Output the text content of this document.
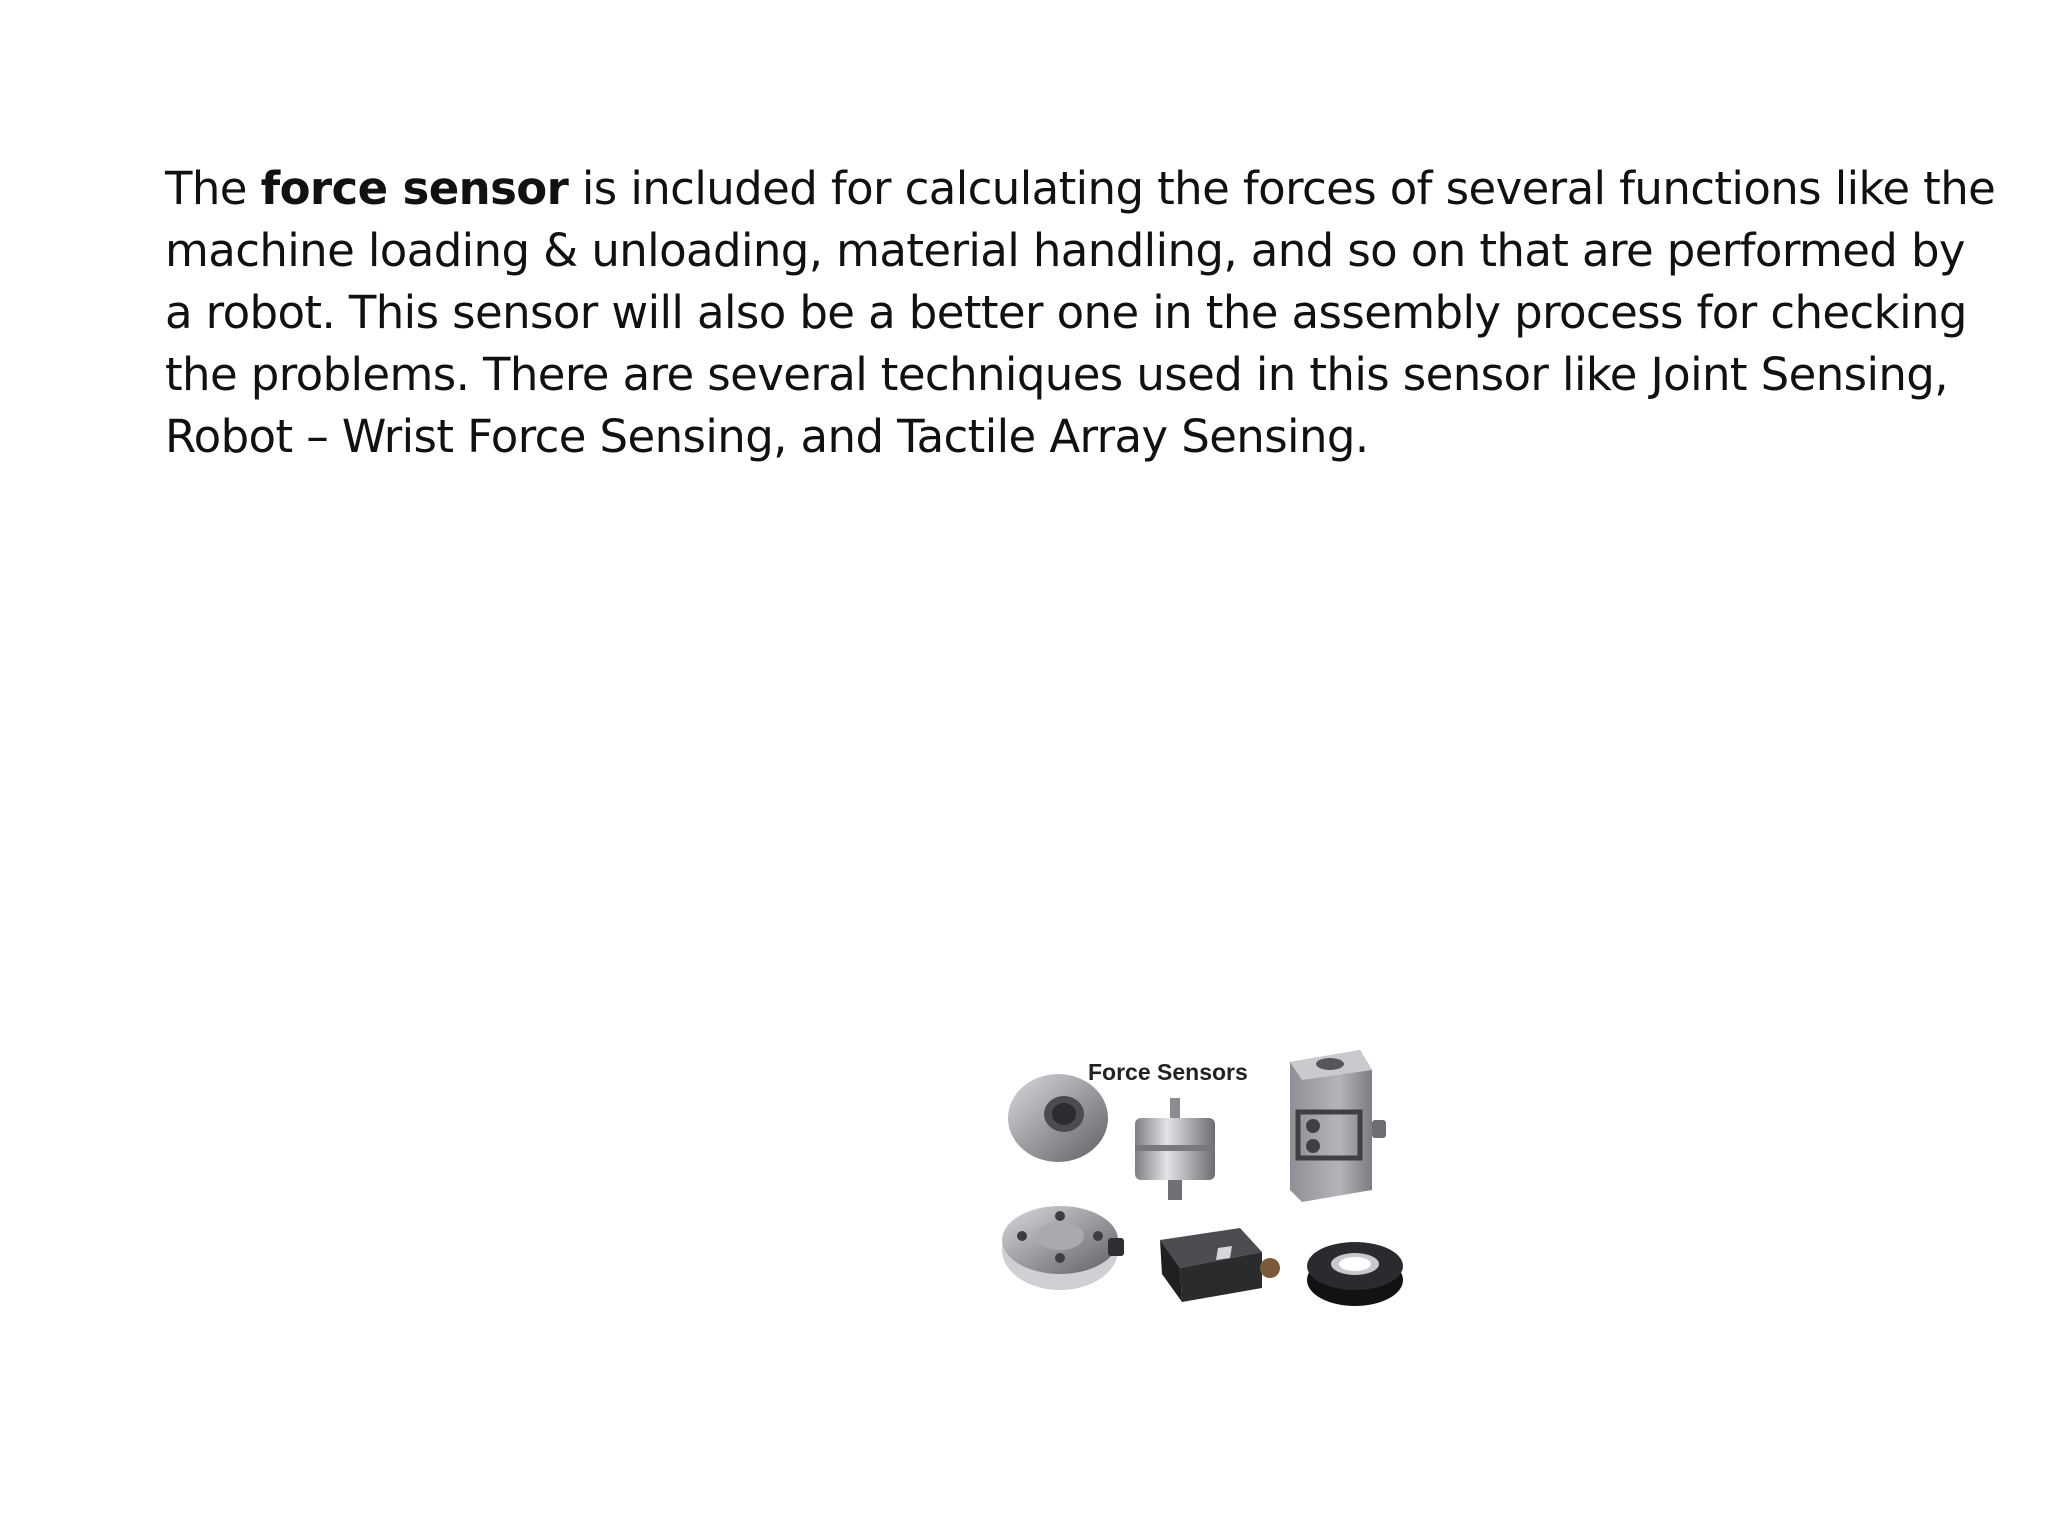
The force sensor is included for calculating the forces of several functions like the
machine loading & unloading, material handling, and so on that are performed by
a robot. This sensor will also be a better one in the assembly process for checking
the problems. There are several techniques used in this sensor like Joint Sensing,
Robot – Wrist Force Sensing, and Tactile Array Sensing.

Force Sensors
